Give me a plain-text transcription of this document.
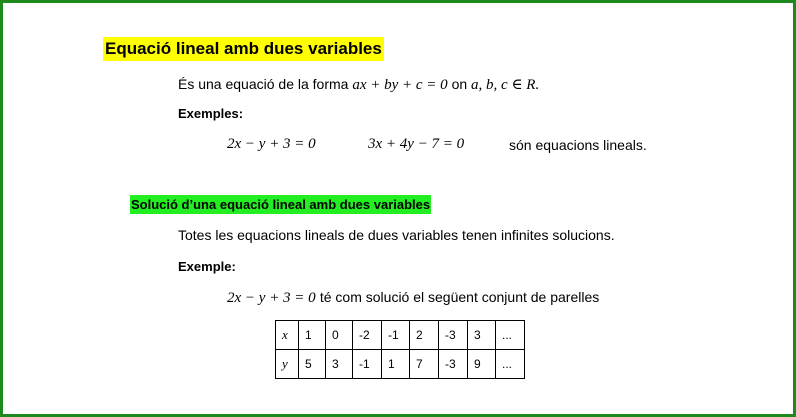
Equació lineal amb dues variables
És una equació de la forma ax + by + c = 0 on a, b, c ∈ R.
Exemples:
2x − y + 3 = 0	3x + 4y − 7 = 0	són equacions lineals.
Solució d’una equació lineal amb dues variables
Totes les equacions lineals de dues variables tenen infinites solucions.
Exemple:
2x − y + 3 = 0 té com solució el següent conjunt de parelles
x	1	0	-2	-1	2	-3	3	...
y	5	3	-1	1	7	-3	9	...
